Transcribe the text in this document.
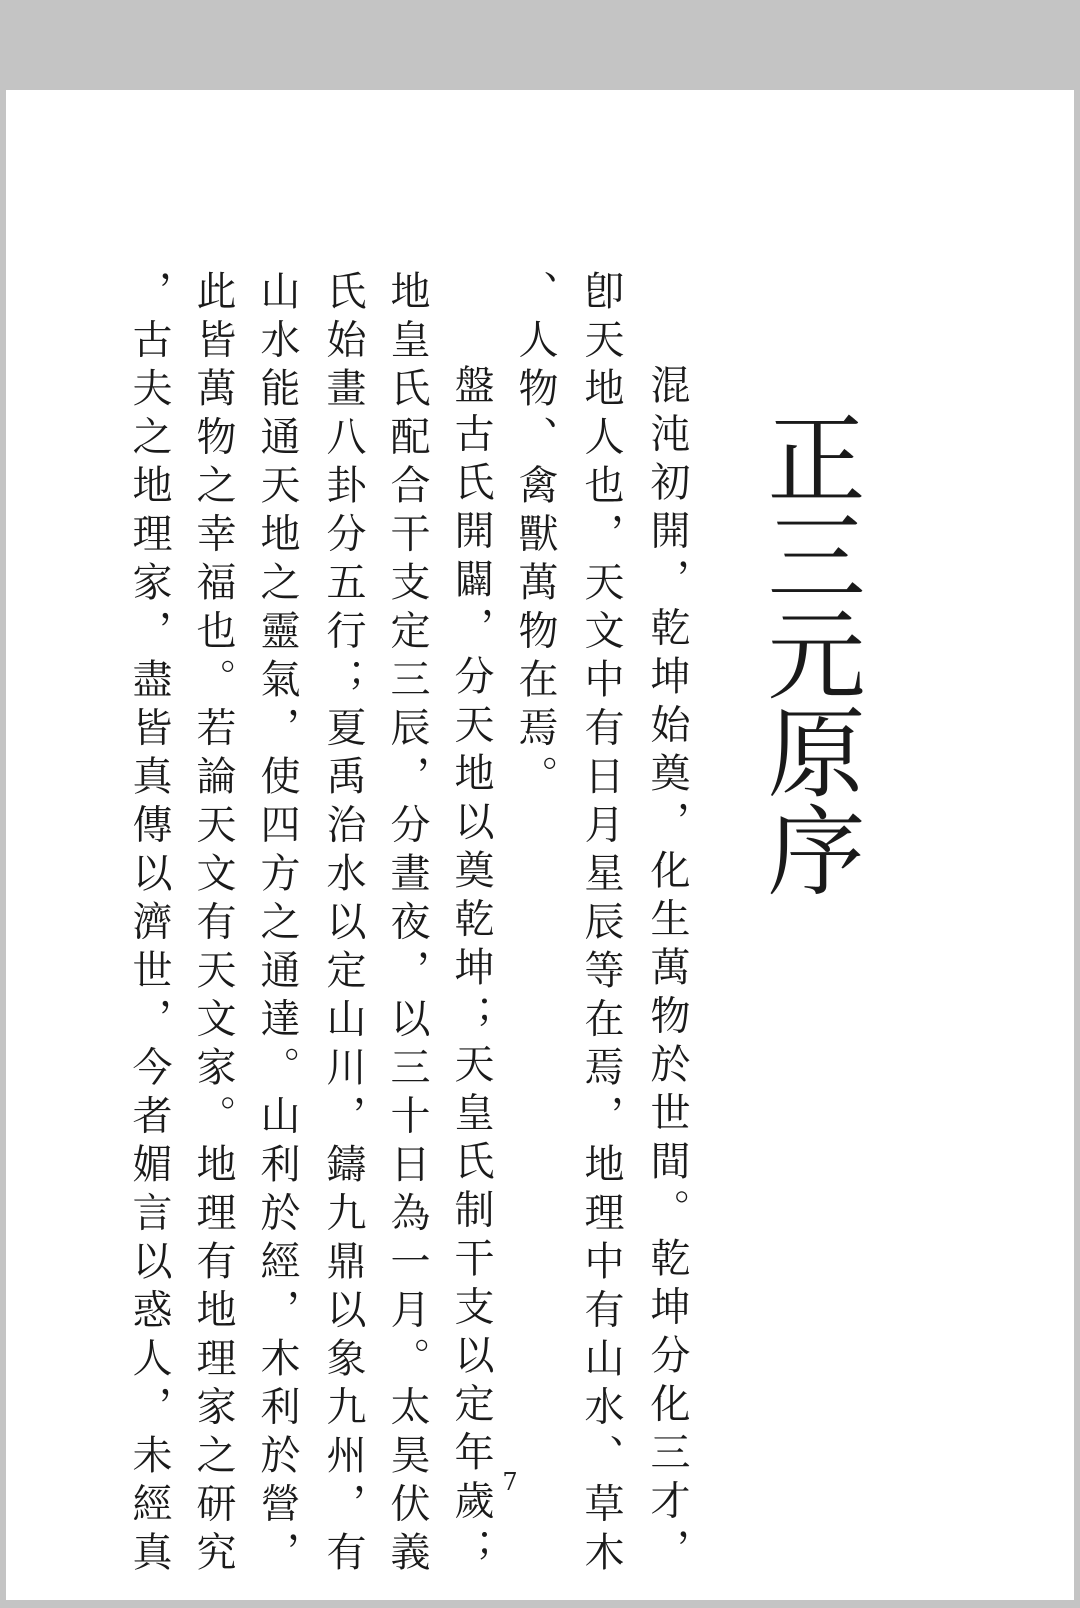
正三元原序
混沌初開，乾坤始奠，化生萬物於世間。乾坤分化三才，
卽天地人也，天文中有日月星辰等在焉，地理中有山水、草木
、人物、禽獸萬物在焉。
盤古氏開闢，分天地以奠乾坤；天皇氏制干支以定年歲；
地皇氏配合干支定三辰，分晝夜，以三十日為一月。太昊伏義
氏始畫八卦分五行；夏禹治水以定山川，鑄九鼎以象九州，有
山水能通天地之靈氣，使四方之通達。山利於經，木利於營，
此皆萬物之幸福也。若論天文有天文家。地理有地理家之研究
，古夫之地理家，盡皆真傳以濟世，今者媚言以惑人，未經真	7
